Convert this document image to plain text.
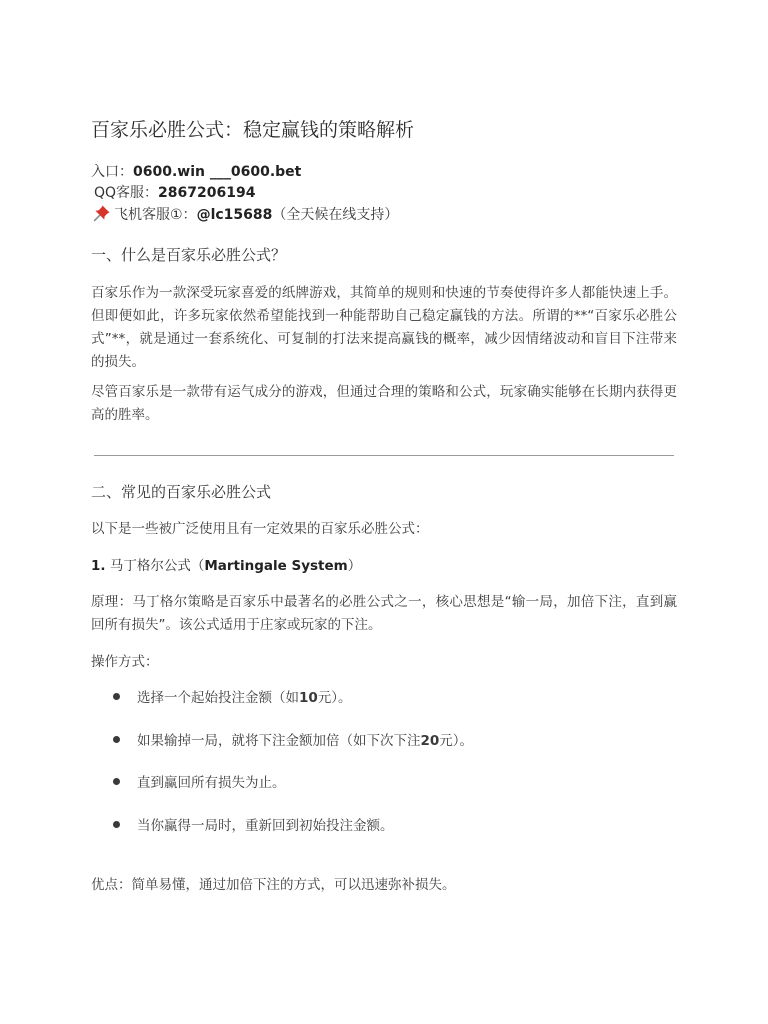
百家乐必胜公式：稳定赢钱的策略解析
入口：0600.win ___0600.bet
QQ客服：2867206194
飞机客服①：@lc15688（全天候在线支持）
一、什么是百家乐必胜公式？

百家乐作为一款深受玩家喜爱的纸牌游戏，其简单的规则和快速的节奏使得许多人都能快速上手。但即便如此，许多玩家依然希望能找到一种能帮助自己稳定赢钱的方法。所谓的**“百家乐必胜公式”**，就是通过一套系统化、可复制的打法来提高赢钱的概率，减少因情绪波动和盲目下注带来的损失。

尽管百家乐是一款带有运气成分的游戏，但通过合理的策略和公式，玩家确实能够在长期内获得更高的胜率。

二、常见的百家乐必胜公式

以下是一些被广泛使用且有一定效果的百家乐必胜公式：

1. 马丁格尔公式（Martingale System）

原理：马丁格尔策略是百家乐中最著名的必胜公式之一，核心思想是“输一局，加倍下注，直到赢回所有损失”。该公式适用于庄家或玩家的下注。

操作方式：

选择一个起始投注金额（如10元）。
如果输掉一局，就将下注金额加倍（如下次下注20元）。
直到赢回所有损失为止。
当你赢得一局时，重新回到初始投注金额。

优点：简单易懂，通过加倍下注的方式，可以迅速弥补损失。
